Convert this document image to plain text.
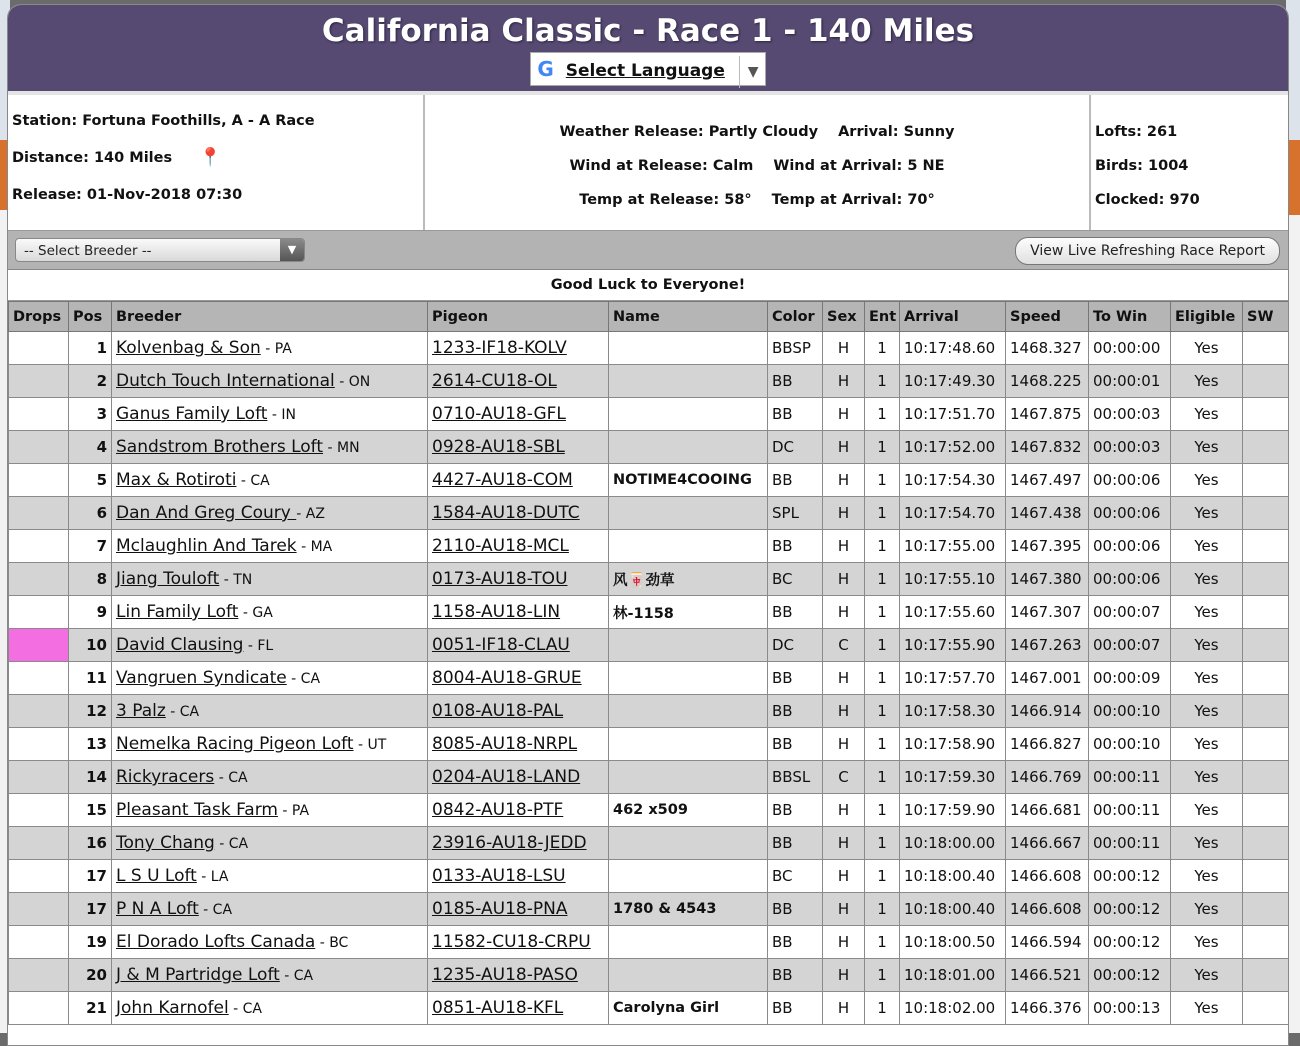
California Classic - Race 1 - 140 Miles
G Select Language ▼
Station: Fortuna Foothills, A - A Race
Distance: 140 Miles 📍
Release: 01-Nov-2018 07:30
Weather Release: Partly Cloudy Arrival: Sunny
Wind at Release: Calm Wind at Arrival: 5 NE
Temp at Release: 58° Temp at Arrival: 70°
Lofts: 261
Birds: 1004
Clocked: 970
-- Select Breeder --	▼	View Live Refreshing Race Report
Good Luck to Everyone!
Drops	Pos	Breeder	Pigeon	Name	Color	Sex	Ent	Arrival	Speed	To Win	Eligible	SW
	1	Kolvenbag & Son - PA	1233-IF18-KOLV		BBSP	H	1	10:17:48.60	1468.327	00:00:00	Yes	
	2	Dutch Touch International - ON	2614-CU18-OL		BB	H	1	10:17:49.30	1468.225	00:00:01	Yes	
	3	Ganus Family Loft - IN	0710-AU18-GFL		BB	H	1	10:17:51.70	1467.875	00:00:03	Yes	
	4	Sandstrom Brothers Loft - MN	0928-AU18-SBL		DC	H	1	10:17:52.00	1467.832	00:00:03	Yes	
	5	Max & Rotiroti - CA	4427-AU18-COM	NOTIME4COOING	BB	H	1	10:17:54.30	1467.497	00:00:06	Yes	
	6	Dan And Greg Coury - AZ	1584-AU18-DUTC		SPL	H	1	10:17:54.70	1467.438	00:00:06	Yes	
	7	Mclaughlin And Tarek - MA	2110-AU18-MCL		BB	H	1	10:17:55.00	1467.395	00:00:06	Yes	
	8	Jiang Touloft - TN	0173-AU18-TOU	风🀄劲草	BC	H	1	10:17:55.10	1467.380	00:00:06	Yes	
	9	Lin Family Loft - GA	1158-AU18-LIN	林-1158	BB	H	1	10:17:55.60	1467.307	00:00:07	Yes	
	10	David Clausing - FL	0051-IF18-CLAU		DC	C	1	10:17:55.90	1467.263	00:00:07	Yes	
	11	Vangruen Syndicate - CA	8004-AU18-GRUE		BB	H	1	10:17:57.70	1467.001	00:00:09	Yes	
	12	3 Palz - CA	0108-AU18-PAL		BB	H	1	10:17:58.30	1466.914	00:00:10	Yes	
	13	Nemelka Racing Pigeon Loft - UT	8085-AU18-NRPL		BB	H	1	10:17:58.90	1466.827	00:00:10	Yes	
	14	Rickyracers - CA	0204-AU18-LAND		BBSL	C	1	10:17:59.30	1466.769	00:00:11	Yes	
	15	Pleasant Task Farm - PA	0842-AU18-PTF	462 x509	BB	H	1	10:17:59.90	1466.681	00:00:11	Yes	
	16	Tony Chang - CA	23916-AU18-JEDD		BB	H	1	10:18:00.00	1466.667	00:00:11	Yes	
	17	L S U Loft - LA	0133-AU18-LSU		BC	H	1	10:18:00.40	1466.608	00:00:12	Yes	
	17	P N A Loft - CA	0185-AU18-PNA	1780 & 4543	BB	H	1	10:18:00.40	1466.608	00:00:12	Yes	
	19	El Dorado Lofts Canada - BC	11582-CU18-CRPU		BB	H	1	10:18:00.50	1466.594	00:00:12	Yes	
	20	J & M Partridge Loft - CA	1235-AU18-PASO		BB	H	1	10:18:01.00	1466.521	00:00:12	Yes	
	21	John Karnofel - CA	0851-AU18-KFL	Carolyna Girl	BB	H	1	10:18:02.00	1466.376	00:00:13	Yes	
